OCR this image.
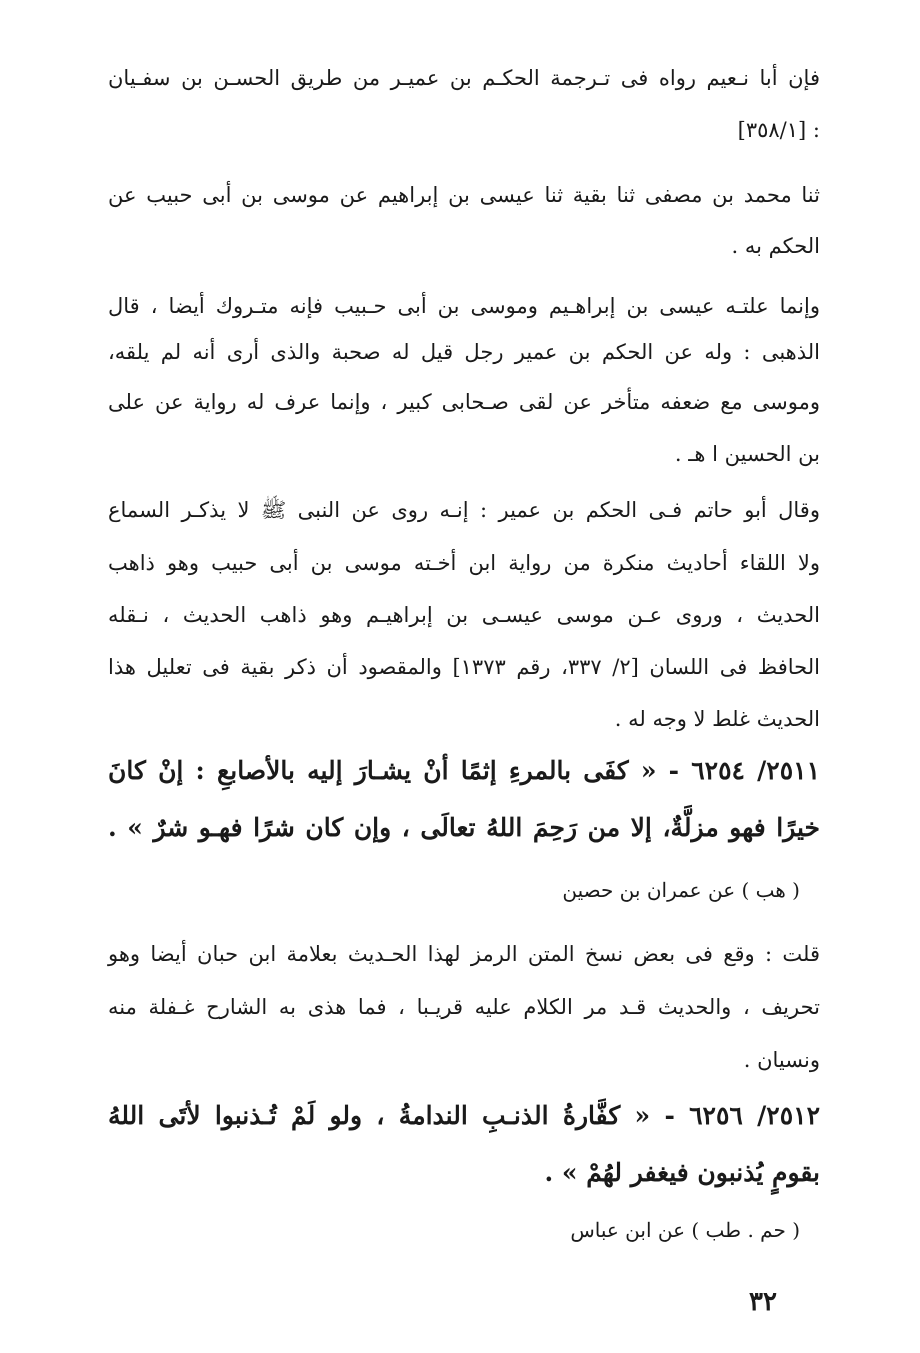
فإن أبا نـعيم رواه فى تـرجمة الحكـم بن عميـر من طريق الحسـن بن سفـيان
: [٣٥٨/١]
ثنا محمد بن مصفى ثنا بقية ثنا عيسى بن إبراهيم عن موسى بن أبى حبيب عن
الحكم به .
وإنما علتـه عيسى بن إبراهـيم وموسى بن أبى حـبيب فإنه متـروك أيضا ، قال
الذهبى : وله عن الحكم بن عمير رجل قيل له صحبة والذى أرى أنه لم يلقه،
وموسى مع ضعفه متأخر عن لقى صـحابى كبير ، وإنما عرف له رواية عن على
بن الحسين ا هـ .
وقال أبو حاتم فـى الحكم بن عمير : إنـه روى عن النبى ﷺ لا يذكـر السماع
ولا اللقاء أحاديث منكرة من رواية ابن أخـته موسى بن أبى حبيب وهو ذاهب
الحديث ، وروى عـن موسى عيسـى بن إبراهيـم وهو ذاهب الحديث ، نـقله
الحافظ فى اللسان [٢/ ٣٣٧، رقم ١٣٧٣] والمقصود أن ذكر بقية فى تعليل هذا
الحديث غلط لا وجه له .
٢٥١١/ ٦٢٥٤ - « كفَى بالمرءِ إثمًا أنْ يشـارَ إليه بالأصابعِ : إنْ كانَ
خيرًا فهو مزلَّةٌ، إلا من رَحِمَ اللهُ تعالَى ، وإن كان شرًا فهـو شرٌ » .
( هب ) عن عمران بن حصين
قلت : وقع فى بعض نسخ المتن الرمز لهذا الحـديث بعلامة ابن حبان أيضا وهو
تحريف ، والحديث قـد مر الكلام عليه قريـبا ، فما هذى به الشارح غـفلة منه
ونسيان .
٢٥١٢/ ٦٢٥٦ - « كفَّارةُ الذنـبِ الندامةُ ، ولو لَمْ تُـذنبوا لأتَى اللهُ
بقومٍ يُذنبون فيغفر لهُمْ » .
( حم . طب ) عن ابن عباس
٣٢
